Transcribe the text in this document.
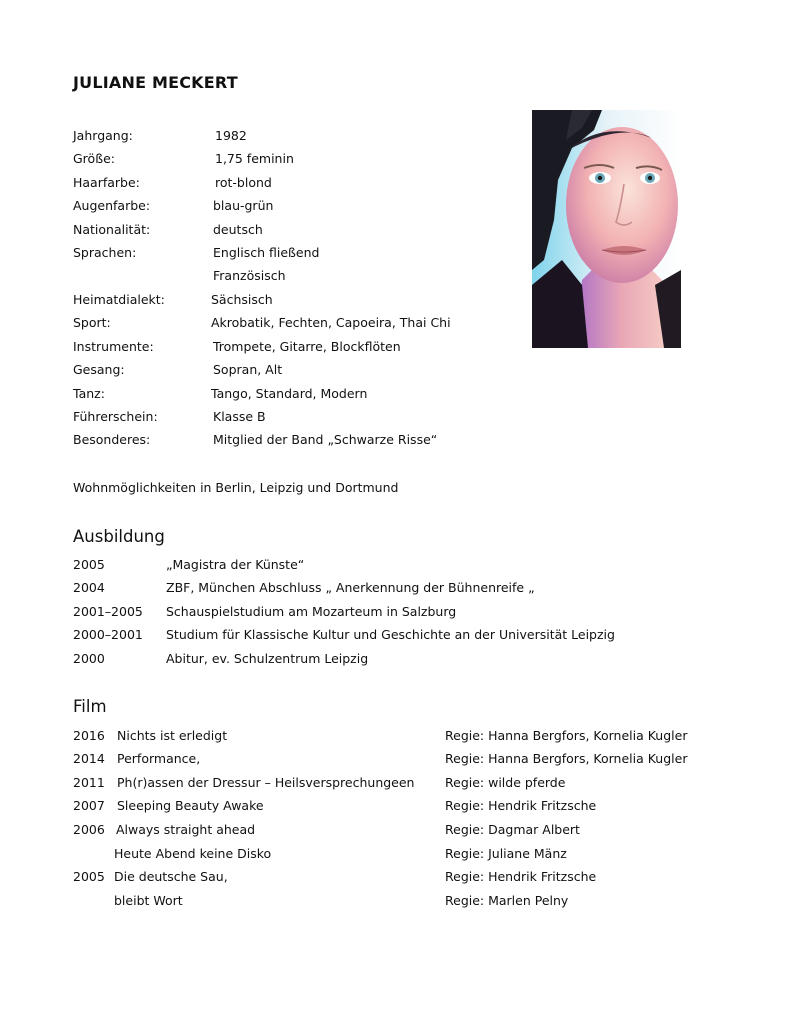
JULIANE MECKERT
Jahrgang:	1982
Größe:	1,75 feminin
Haarfarbe:	rot-blond
Augenfarbe:	blau-grün
Nationalität:	deutsch
Sprachen:	Englisch fließend
Französisch
Heimatdialekt:	Sächsisch
Sport:	Akrobatik, Fechten, Capoeira, Thai Chi
Instrumente:	Trompete, Gitarre, Blockflöten
Gesang:	Sopran, Alt
Tanz:	Tango, Standard, Modern
Führerschein:	Klasse B
Besonderes:	Mitglied der Band „Schwarze Risse“
Wohnmöglichkeiten in Berlin, Leipzig und Dortmund
Ausbildung
2005	„Magistra der Künste“
2004	ZBF, München Abschluss „ Anerkennung der Bühnenreife „
2001–2005 Schauspielstudium am Mozarteum in Salzburg
2000–2001 Studium für Klassische Kultur und Geschichte an der Universität Leipzig
2000	Abitur, ev. Schulzentrum Leipzig
Film
2016 Nichts ist erledigt	Regie: Hanna Bergfors, Kornelia Kugler
2014 Performance,	Regie: Hanna Bergfors, Kornelia Kugler
2011 Ph(r)assen der Dressur – Heilsversprechungeen Regie: wilde pferde
2007 Sleeping Beauty Awake	Regie: Hendrik Fritzsche
2006 Always straight ahead	Regie: Dagmar Albert
Heute Abend keine Disko	Regie: Juliane Mänz
2005 Die deutsche Sau,	Regie: Hendrik Fritzsche
bleibt Wort	Regie: Marlen Pelny
